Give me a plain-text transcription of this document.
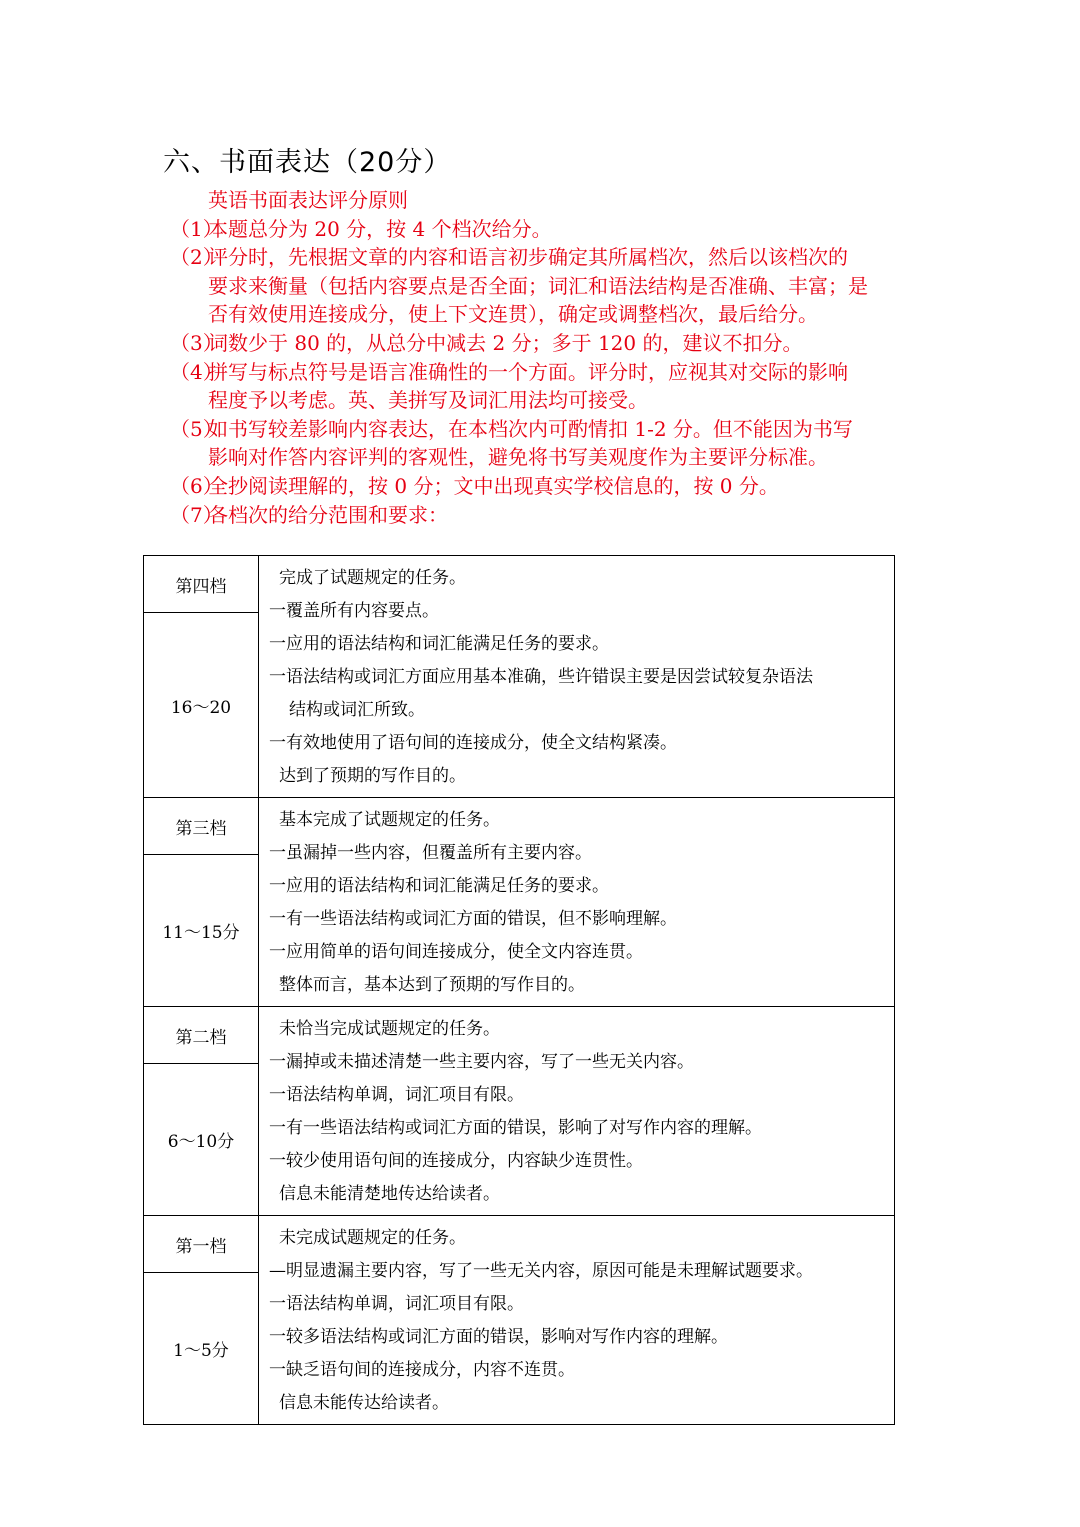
六、书面表达（20分）
英语书面表达评分原则
（1）本题总分为 20 分，按 4 个档次给分。
（2）评分时，先根据文章的内容和语言初步确定其所属档次，然后以该档次的
要求来衡量（包括内容要点是否全面；词汇和语法结构是否准确、丰富；是
否有效使用连接成分，使上下文连贯），确定或调整档次，最后给分。
（3）词数少于 80 的，从总分中减去 2 分；多于 120 的，建议不扣分。
（4）拼写与标点符号是语言准确性的一个方面。评分时，应视其对交际的影响
程度予以考虑。英、美拼写及词汇用法均可接受。
（5）如书写较差影响内容表达，在本档次内可酌情扣 1-2 分。但不能因为书写
影响对作答内容评判的客观性，避免将书写美观度作为主要评分标准。
（6）全抄阅读理解的，按 0 分；文中出现真实学校信息的，按 0 分。
（7）各档次的给分范围和要求：
第四档
16～20
完成了试题规定的任务。
一覆盖所有内容要点。
一应用的语法结构和词汇能满足任务的要求。
一语法结构或词汇方面应用基本准确，些许错误主要是因尝试较复杂语法
结构或词汇所致。
一有效地使用了语句间的连接成分，使全文结构紧凑。
达到了预期的写作目的。
第三档
11～15分
基本完成了试题规定的任务。
一虽漏掉一些内容，但覆盖所有主要内容。
一应用的语法结构和词汇能满足任务的要求。
一有一些语法结构或词汇方面的错误，但不影响理解。
一应用简单的语句间连接成分，使全文内容连贯。
整体而言，基本达到了预期的写作目的。
第二档
6～10分
未恰当完成试题规定的任务。
一漏掉或未描述清楚一些主要内容，写了一些无关内容。
一语法结构单调，词汇项目有限。
一有一些语法结构或词汇方面的错误，影响了对写作内容的理解。
一较少使用语句间的连接成分，内容缺少连贯性。
信息未能清楚地传达给读者。
第一档
1～5分
未完成试题规定的任务。
—明显遗漏主要内容，写了一些无关内容，原因可能是未理解试题要求。
一语法结构单调，词汇项目有限。
一较多语法结构或词汇方面的错误，影响对写作内容的理解。
一缺乏语句间的连接成分，内容不连贯。
信息未能传达给读者。
